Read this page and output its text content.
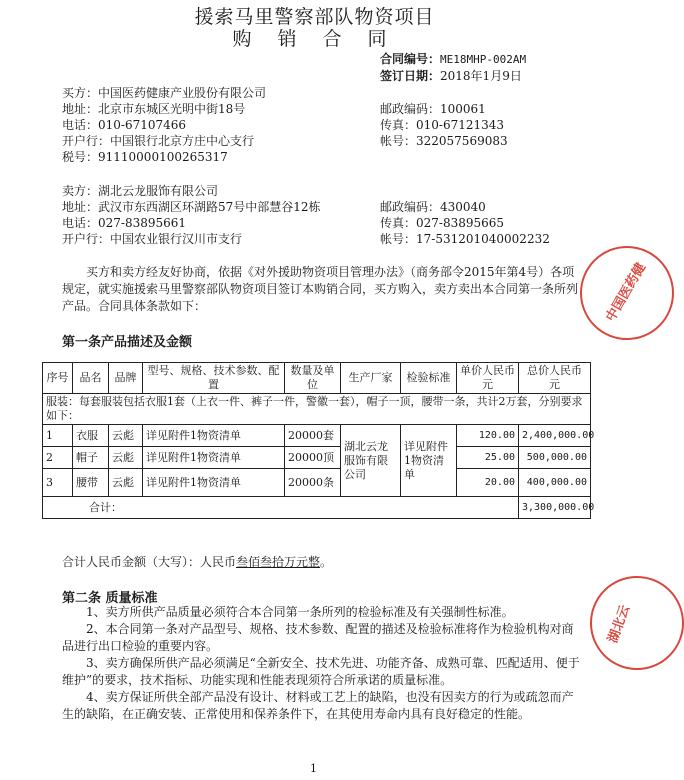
援索马里警察部队物资项目
购 销 合 同
合同编号：ME18MHP-002AM
签订日期：2018年1月9日
买方：中国医药健康产业股份有限公司
地址：北京市东城区光明中街18号
电话：010-67107466
开户行：中国银行北京方庄中心支行
税号：91110000100265317
邮政编码：100061
传真：010-67121343
帐号：322057569083
卖方：湖北云龙服饰有限公司
地址：武汉市东西湖区环湖路57号中部慧谷12栋
电话：027-83895661
开户行：中国农业银行汉川市支行
邮政编码：430040
传真：027-83895665
帐号：17-531201040002232
买方和卖方经友好协商，依据《对外援助物资项目管理办法》（商务部令2015年第4号）各项规定，就实施援索马里警察部队物资项目签订本购销合同，买方购入，卖方卖出本合同第一条所列产品。合同具体条款如下：
第一条产品描述及金额
序号	品名	品牌	型号、规格、技术参数、配置	数量及单位	生产厂家	检验标准	单价人民币元	总价人民币元
服装：每套服装包括衣服1套（上衣一件、裤子一件，警徽一套），帽子一顶，腰带一条，共计2万套，分别要求如下：								
1	衣服	云彪	详见附件1物资清单	20000套	湖北云龙服饰有限公司	详见附件1物资清单	120.00	2,400,000.00
2	帽子	云彪	详见附件1物资清单	20000顶			25.00	500,000.00
3	腰带	云彪	详见附件1物资清单	20000条			20.00	400,000.00
合计：								3,300,000.00
合计人民币金额（大写）：人民币叁佰叁拾万元整。
第二条 质量标准
1、卖方所供产品质量必须符合本合同第一条所列的检验标准及有关强制性标准。
2、本合同第一条对产品型号、规格、技术参数、配置的描述及检验标准将作为检验机构对商品进行出口检验的重要内容。
3、卖方确保所供产品必须满足“全新安全、技术先进、功能齐备、成熟可靠、匹配适用、便于维护”的要求，技术指标、功能实现和性能表现须符合所承诺的质量标准。
4、卖方保证所供全部产品没有设计、材料或工艺上的缺陷，也没有因卖方的行为或疏忽而产生的缺陷，在正确安装、正常使用和保养条件下，在其使用寿命内具有良好稳定的性能。
1
中国医药健
湖北云
